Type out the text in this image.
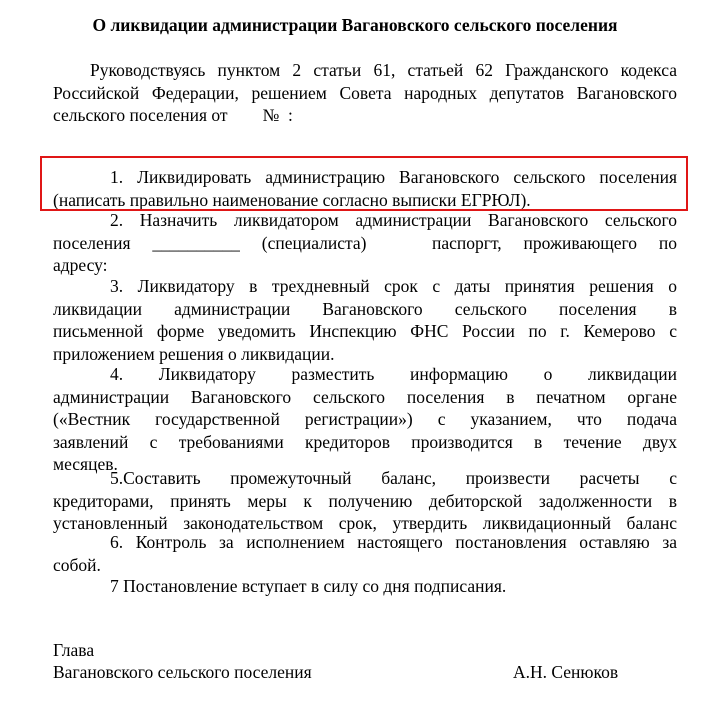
О ликвидации администрации Вагановского сельского поселения
Руководствуясь пунктом 2 статьи 61, статьей 62 Гражданского кодекса
Российской Федерации, решением Совета народных депутатов Вагановского
сельского поселения от        №  :
1. Ликвидировать администрацию Вагановского сельского поселения
(написать правильно наименование согласно выписки ЕГРЮЛ).
2. Назначить ликвидатором администрации Вагановского сельского
поселения __________ (специалиста)   паспоргт, проживающего по
адресу:
3. Ликвидатору в трехдневный срок с даты принятия решения о
ликвидации администрации Вагановского сельского поселения в
письменной форме уведомить Инспекцию ФНС России по г. Кемерово с
приложением решения о ликвидации.
4. Ликвидатору разместить информацию о ликвидации
администрации Вагановского сельского поселения в печатном органе
(«Вестник государственной регистрации») с указанием, что подача
заявлений с требованиями кредиторов производится в течение двух
месяцев.
5.Составить промежуточный баланс, произвести расчеты с
кредиторами, принять меры к получению дебиторской задолженности в
установленный законодательством срок, утвердить ликвидационный баланс
6. Контроль за исполнением настоящего постановления оставляю за
собой.
7 Постановление вступает в силу со дня подписания.
Глава
Вагановского сельского поселения	А.Н. Сенюков
